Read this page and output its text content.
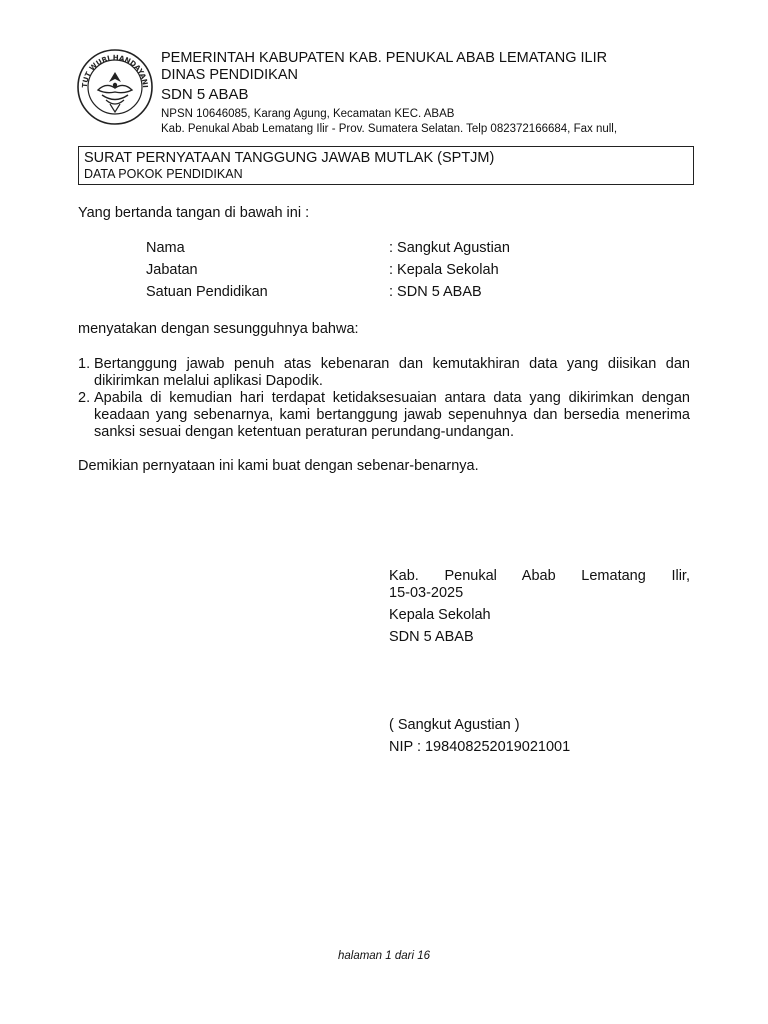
TUT WURI HANDAYANI
PEMERINTAH KABUPATEN KAB. PENUKAL ABAB LEMATANG ILIR
DINAS PENDIDIKAN
SDN 5 ABAB
NPSN 10646085, Karang Agung, Kecamatan KEC. ABAB
Kab. Penukal Abab Lematang Ilir - Prov. Sumatera Selatan. Telp 082372166684, Fax null,
SURAT PERNYATAAN TANGGUNG JAWAB MUTLAK (SPTJM)
DATA POKOK PENDIDIKAN
Yang bertanda tangan di bawah ini :
Nama	: Sangkut Agustian
Jabatan	: Kepala Sekolah
Satuan Pendidikan	: SDN 5 ABAB
menyatakan dengan sesungguhnya bahwa:
1. Bertanggung jawab penuh atas kebenaran dan kemutakhiran data yang diisikan dan dikirimkan melalui aplikasi Dapodik.
2. Apabila di kemudian hari terdapat ketidaksesuaian antara data yang dikirimkan dengan keadaan yang sebenarnya, kami bertanggung jawab sepenuhnya dan bersedia menerima sanksi sesuai dengan ketentuan peraturan perundang-undangan.
Demikian pernyataan ini kami buat dengan sebenar-benarnya.
Kab. Penukal Abab Lematang Ilir,
15-03-2025
Kepala Sekolah
SDN 5 ABAB
( Sangkut Agustian )
NIP : 198408252019021001
halaman 1 dari 16
